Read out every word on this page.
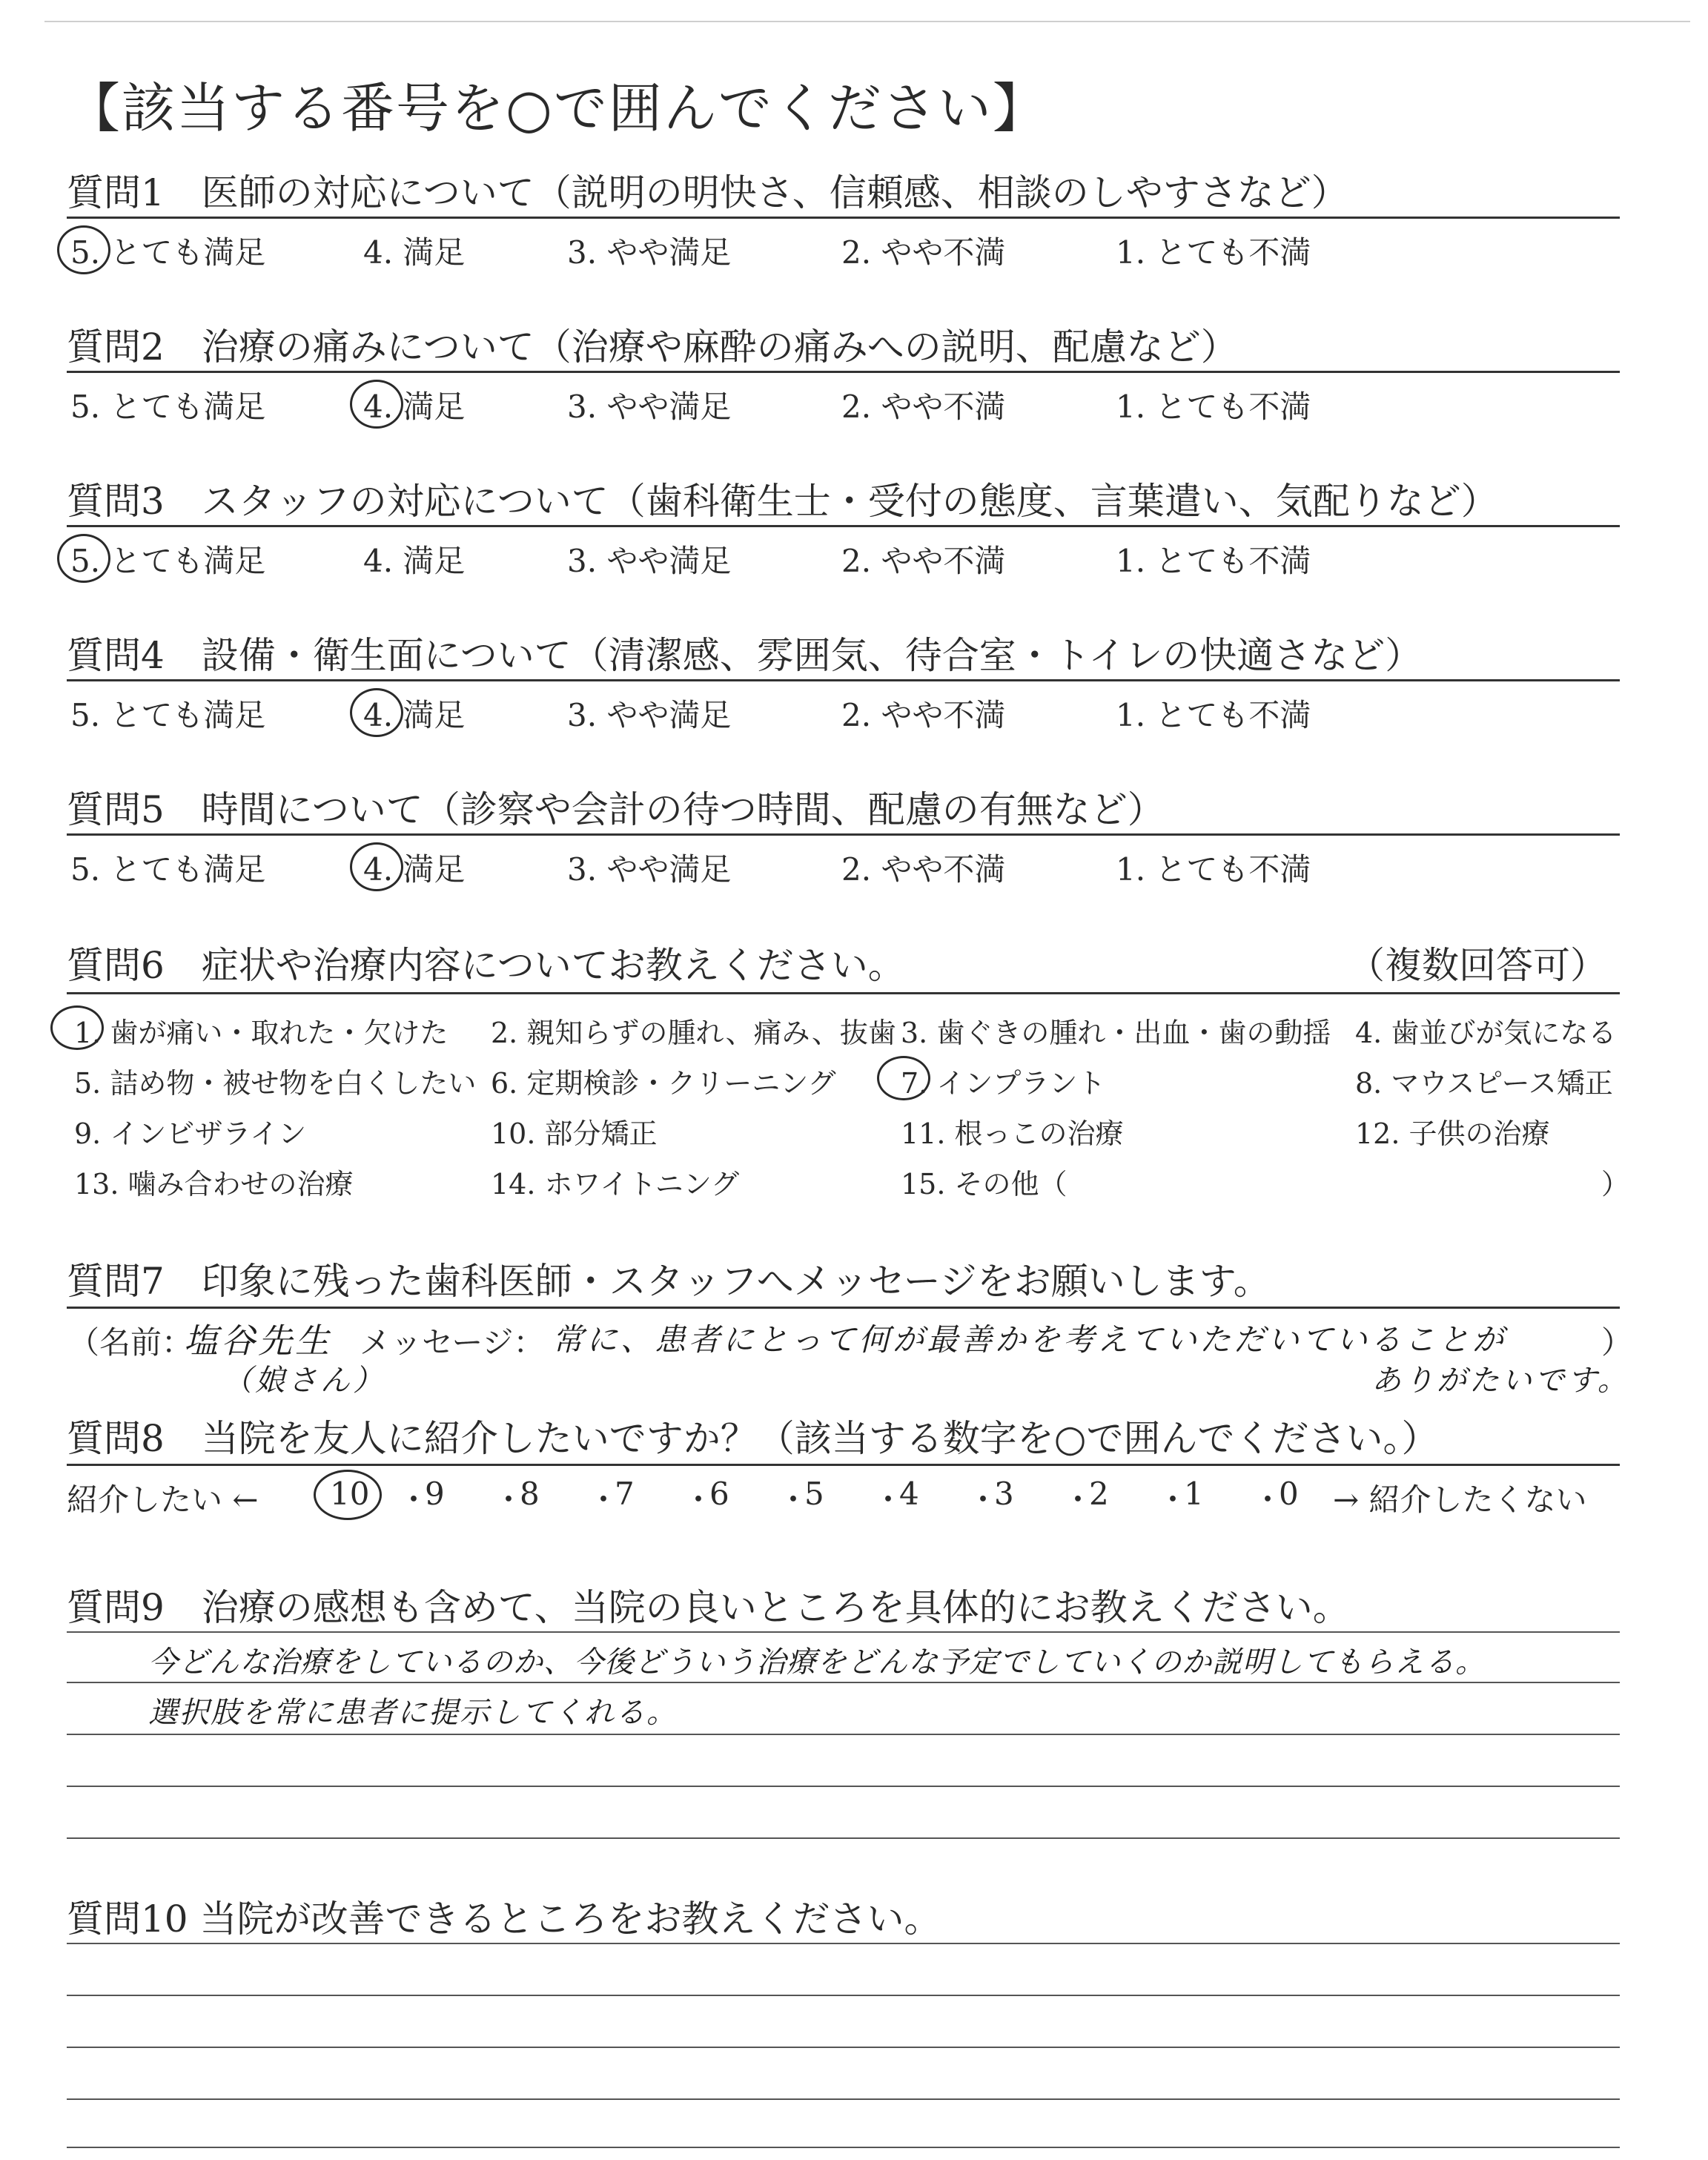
【該当する番号を○で囲んでください】
質問1　医師の対応について（説明の明快さ、信頼感、相談のしやすさなど）
5. とても満足	4. 満足	3. やや満足	2. やや不満	1. とても不満
質問2　治療の痛みについて（治療や麻酔の痛みへの説明、配慮など）
5. とても満足	4. 満足	3. やや満足	2. やや不満	1. とても不満
質問3　スタッフの対応について（歯科衛生士・受付の態度、言葉遣い、気配りなど）
5. とても満足	4. 満足	3. やや満足	2. やや不満	1. とても不満
質問4　設備・衛生面について（清潔感、雰囲気、待合室・トイレの快適さなど）
5. とても満足	4. 満足	3. やや満足	2. やや不満	1. とても不満
質問5　時間について（診察や会計の待つ時間、配慮の有無など）
5. とても満足	4. 満足	3. やや満足	2. やや不満	1. とても不満
質問6　症状や治療内容についてお教えください。	（複数回答可）
1. 歯が痛い・取れた・欠けた 2. 親知らずの腫れ、痛み、抜歯 3. 歯ぐきの腫れ・出血・歯の動揺 4. 歯並びが気になる
5. 詰め物・被せ物を白くしたい 6. 定期検診・クリーニング 7. インプラント	8. マウスピース矯正
9. インビザライン	10. 部分矯正	11. 根っこの治療	12. 子供の治療
13. 噛み合わせの治療	14. ホワイトニング	15. その他（	）
質問7　印象に残った歯科医師・スタッフへメッセージをお願いします。
（名前：
塩谷先生
（娘さん）
メッセージ： 常に、患者にとって何が最善かを考えていただいていることが
ありがたいです。
）
質問8　当院を友人に紹介したいですか？（該当する数字を○で囲んでください。）
紹介したい ← 10 ・
9 ・
8 ・
7 ・
6 ・
5 ・
4 ・
3 ・
2 ・
1 ・
0 → 紹介したくない
質問9　治療の感想も含めて、当院の良いところを具体的にお教えください。
今どんな治療をしているのか、今後どういう治療をどんな予定でしていくのか説明してもらえる。
選択肢を常に患者に提示してくれる。
質問10 当院が改善できるところをお教えください。
